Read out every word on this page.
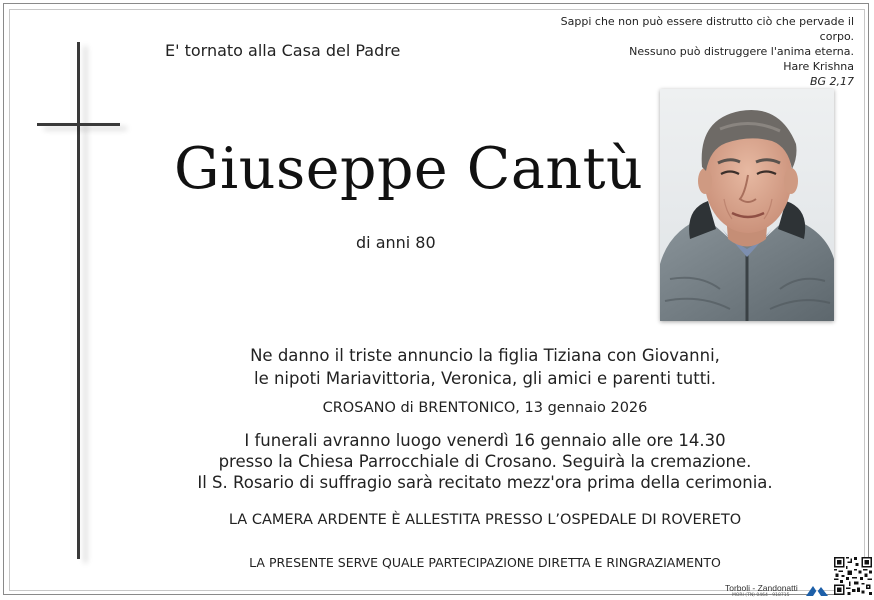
Sappi che non può essere distrutto ciò che pervade il corpo.
Nessuno può distruggere l'anima eterna.
Hare Krishna
BG 2,17
E' tornato alla Casa del Padre
Giuseppe Cantù
di anni 80
Ne danno il triste annuncio la figlia Tiziana con Giovanni,
le nipoti Mariavittoria, Veronica, gli amici e parenti tutti.
CROSANO di BRENTONICO, 13 gennaio 2026
I funerali avranno luogo venerdì 16 gennaio alle ore 14.30
presso la Chiesa Parrocchiale di Crosano. Seguirà la cremazione.
Il S. Rosario di suffragio sarà recitato mezz'ora prima della cerimonia.
LA CAMERA ARDENTE È ALLESTITA PRESSO L’OSPEDALE DI ROVERETO
LA PRESENTE SERVE QUALE PARTECIPAZIONE DIRETTA E RINGRAZIAMENTO
Torboli - Zandonatti
MORI (TN) 0464 - 918715
